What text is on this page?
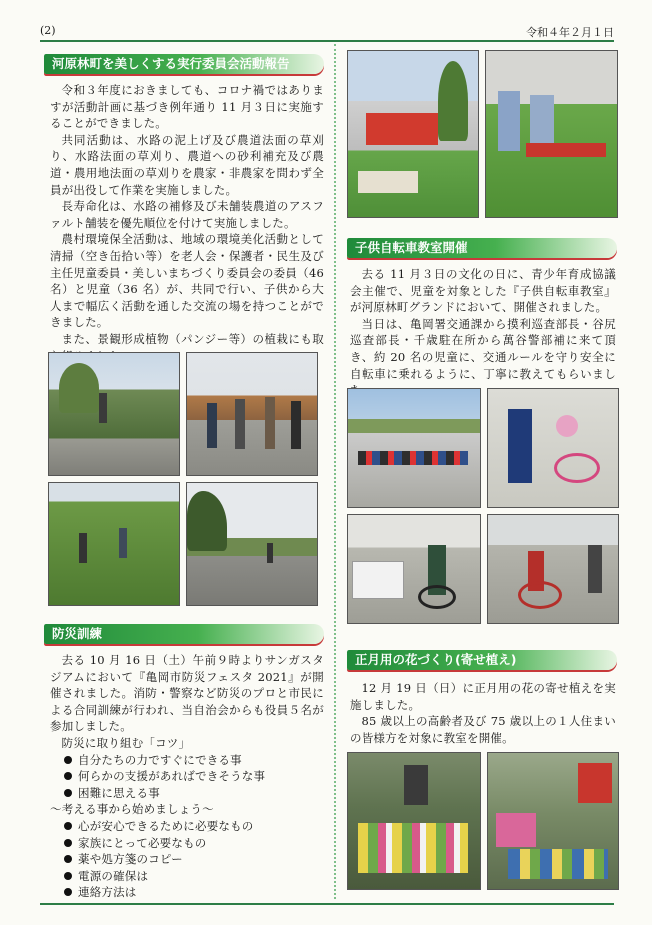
(2)	令和４年２月１日
河原林町を美しくする実行委員会活動報告

令和３年度におきましても、コロナ禍ではありますが活動計画に基づき例年通り 11 月３日に実施することができました。

共同活動は、水路の泥上げ及び農道法面の草刈り、水路法面の草刈り、農道への砂利補充及び農道・農用地法面の草刈りを農家・非農家を問わず全員が出役して作業を実施しました。

長寿命化は、水路の補修及び未舗装農道のアスファルト舗装を優先順位を付けて実施しました。

農村環境保全活動は、地域の環境美化活動として清掃（空き缶拾い等）を老人会・保護者・民生及び主任児童委員・美しいまちづくり委員会の委員（46名）と児童（36 名）が、共同で行い、子供から大人まで幅広く活動を通した交流の場を持つことができました。

また、景観形成植物（パンジー等）の植栽にも取

防災訓練

去る 10 月 16 日（土）午前９時よりサンガスタジアムにおいて『亀岡市防災フェスタ 2021』が開催されました。消防・警察など防災のプロと市民による合同訓練が行われ、当自治会からも役員５名が参加しました。

防災に取り組む「コツ」

自分たちの力ですぐにできる事
何らかの支援があればできそうな事
困難に思える事

～考える事から始めましょう～

心が安心できるために必要なもの
家族にとって必要なもの
薬や処方箋のコピー
電源の確保は
連絡方法は
子供自転車教室開催

去る 11 月３日の文化の日に、青少年育成協議会主催で、児童を対象とした『子供自転車教室』が河原林町グランドにおいて、開催されました。

当日は、亀岡署交通課から摸利巡査部長・谷尻巡査部長・千歳駐在所から萬谷警部補に来て頂き、約 20 名の児童に、交通ルールを守り安全に自転車に乗れるように、丁寧に教えてもらいまし

正月用の花づくり(寄せ植え)

12 月 19 日（日）に正月用の花の寄せ植えを実施しました。

85 歳以上の高齢者及び 75 歳以上の１人住まいの皆様方を対象に教室を開催。
